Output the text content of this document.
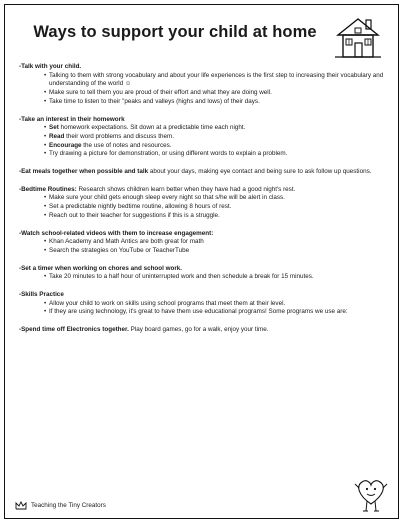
Ways to support your child at home
-Talk with your child.
• Talking to them with strong vocabulary and about your life experiences is the first step to increasing their vocabulary and understanding of the world ☺
• Make sure to tell them you are proud of their effort and what they are doing well.
• Take time to listen to their "peaks and valleys (highs and lows) of their days.
-Take an interest in their homework
• Set homework expectations. Sit down at a predictable time each night.
• Read their word problems and discuss them.
• Encourage the use of notes and resources.
• Try drawing a picture for demonstration, or using different words to explain a problem.

-Eat meals together when possible and talk about your days, making eye contact and being sure to ask follow up questions.

-Bedtime Routines: Research shows children learn better when they have had a good night's rest.

• Make sure your child gets enough sleep every night so that s/he will be alert in class.
• Set a predictable nightly bedtime routine, allowing 8 hours of rest.
• Reach out to their teacher for suggestions if this is a struggle.
-Watch school-related videos with them to increase engagement:
• Khan Academy and Math Antics are both great for math
• Search the strategies on YouTube or TeacherTube
-Set a timer when working on chores and school work.
• Take 20 minutes to a half hour of uninterrupted work and then schedule a break for 15 minutes.
-Skills Practice
• Allow your child to work on skills using school programs that meet them at their level.
• If they are using technology, it's great to have them use educational programs! Some programs we use are:

-Spend time off Electronics together. Play board games, go for a walk, enjoy your time.

Teaching the Tiny Creators
